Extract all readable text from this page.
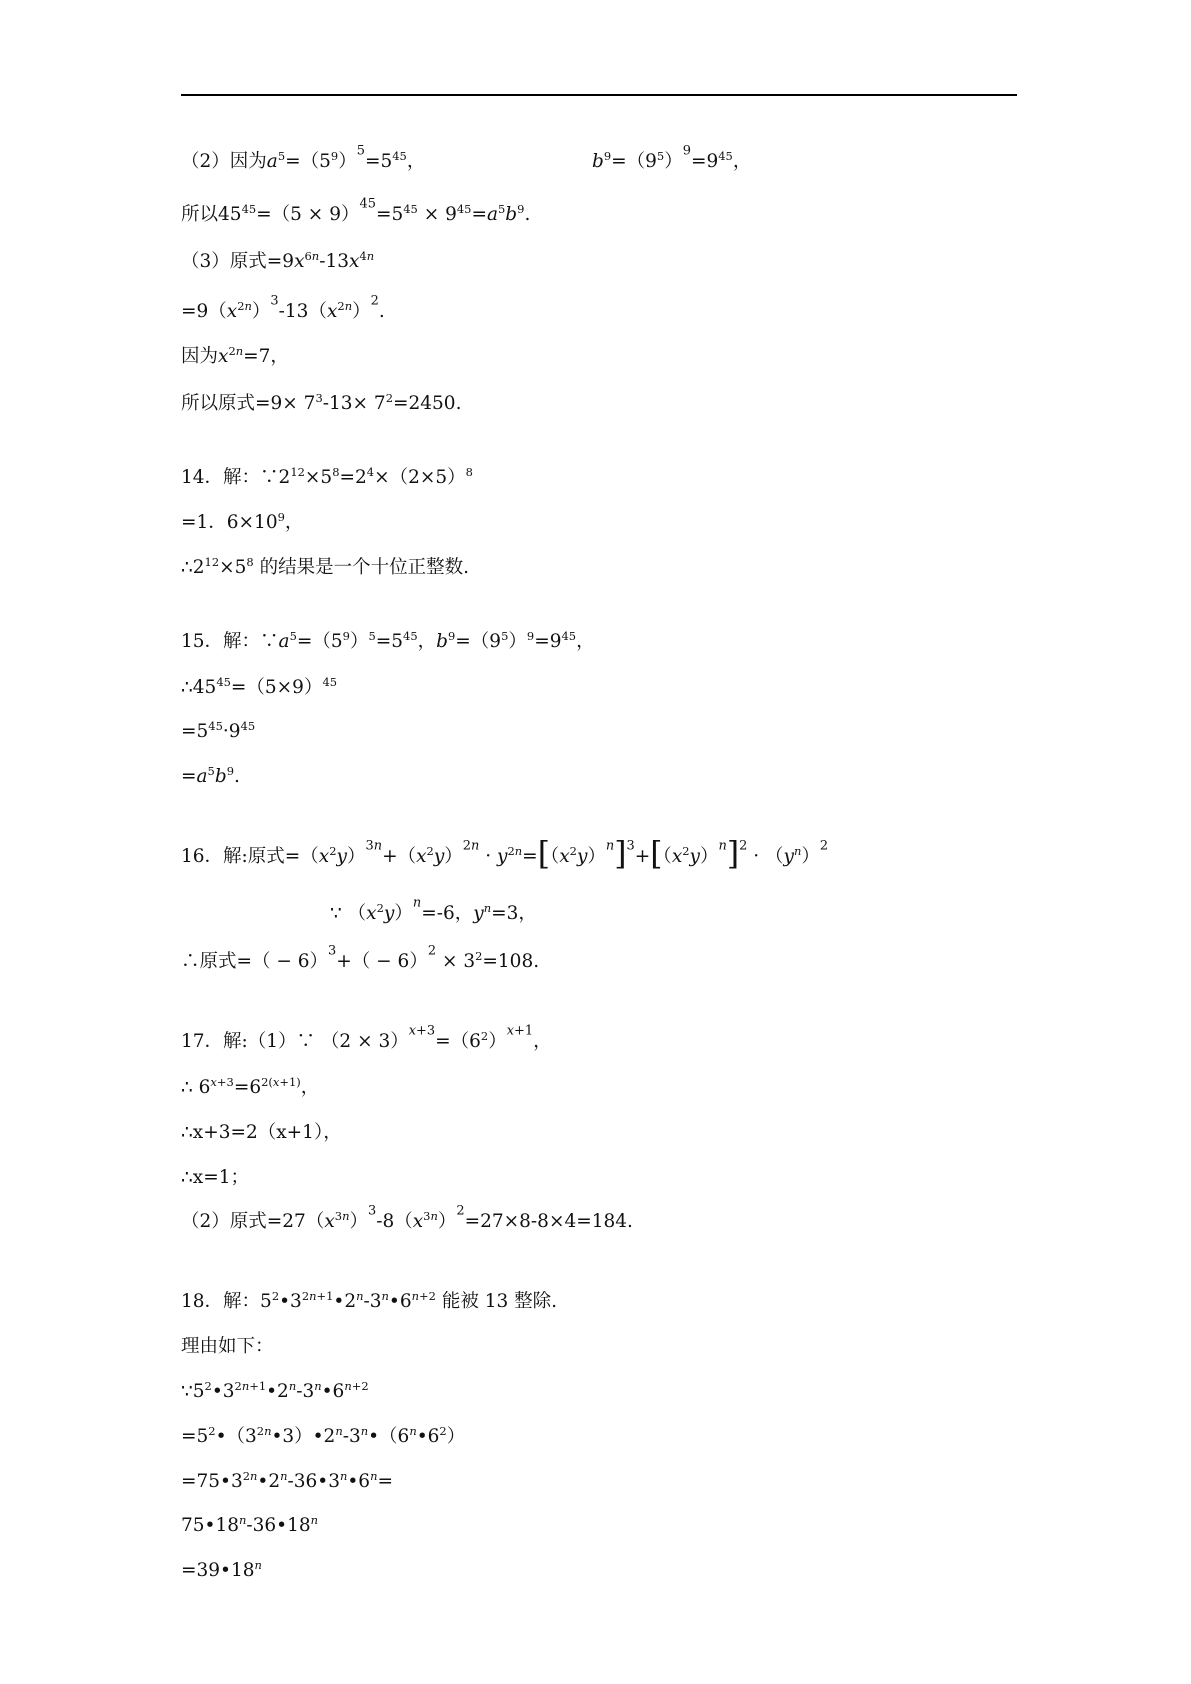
（2）因为$a^5=(5^9)^5=5^{45}$，	$b^9=(9^5)^9=9^{45}$，
所以$45^{45}=(5 \times 9)^{45}=5^{45} \times 9^{45}=a^5b^9$.
（3）原式$=9x^{6n}-13x^{4n}$
$=9(x^{2n})^3-13(x^{2n})^2$.
因为$x^{2n}=7$，
所以原式$=9\times 7^3-13\times 7^2=2450$.
14．解：$\because 2^{12}\times 5^8=2^4\times(2\times 5)^8$
=1．$6\times 10^9$，
$\therefore 2^{12}\times 5^8$ 的结果是一个十位正整数.
15．解：$\because a^5=(5^9)^5=5^{45}$，$b^9=(9^5)^9=9^{45}$，
$\therefore 45^{45}=(5\times 9)^{45}$
$=5^{45}\cdot 9^{45}$
$=a^5b^9$.
16．解:原式$=(x^2y)^{3n}+(x^2y)^{2n} \cdot y^{2n}=[(x^2y)^n]^3+[(x^2y)^n]^2 \cdot (y^n)^2$
∵ $(x^2y)^n=-6$，$y^n=3$，
∴原式=（ − $6)^3+( - 6)^2 \times 3^2=108$.
17．解:（1）∵ $(2 \times 3)^{x+3}=(6^2)^{x+1}$，
∴ $6^{x+3}=6^{2(x+1)}$，
∴x+3=2（x+1），
∴x=1；
（2）原式$=27(x^{3n})^3-8(x^{3n})^2=27\times 8-8\times 4=184$.
18．解：$5^2•3^{2n+1}•2^n-3^n•6^{n+2}$ 能被 13 整除.
理由如下：
$\because 5^2•3^{2n+1}•2^n-3^n•6^{n+2}$
$=5^2•(3^{2n}•3)•2^n-3^n•(6^n•6^2)$
$=75•3^{2n}•2^n-36•3^n•6^n=$
$75•18^n-36•18^n$
$=39•18^n$
